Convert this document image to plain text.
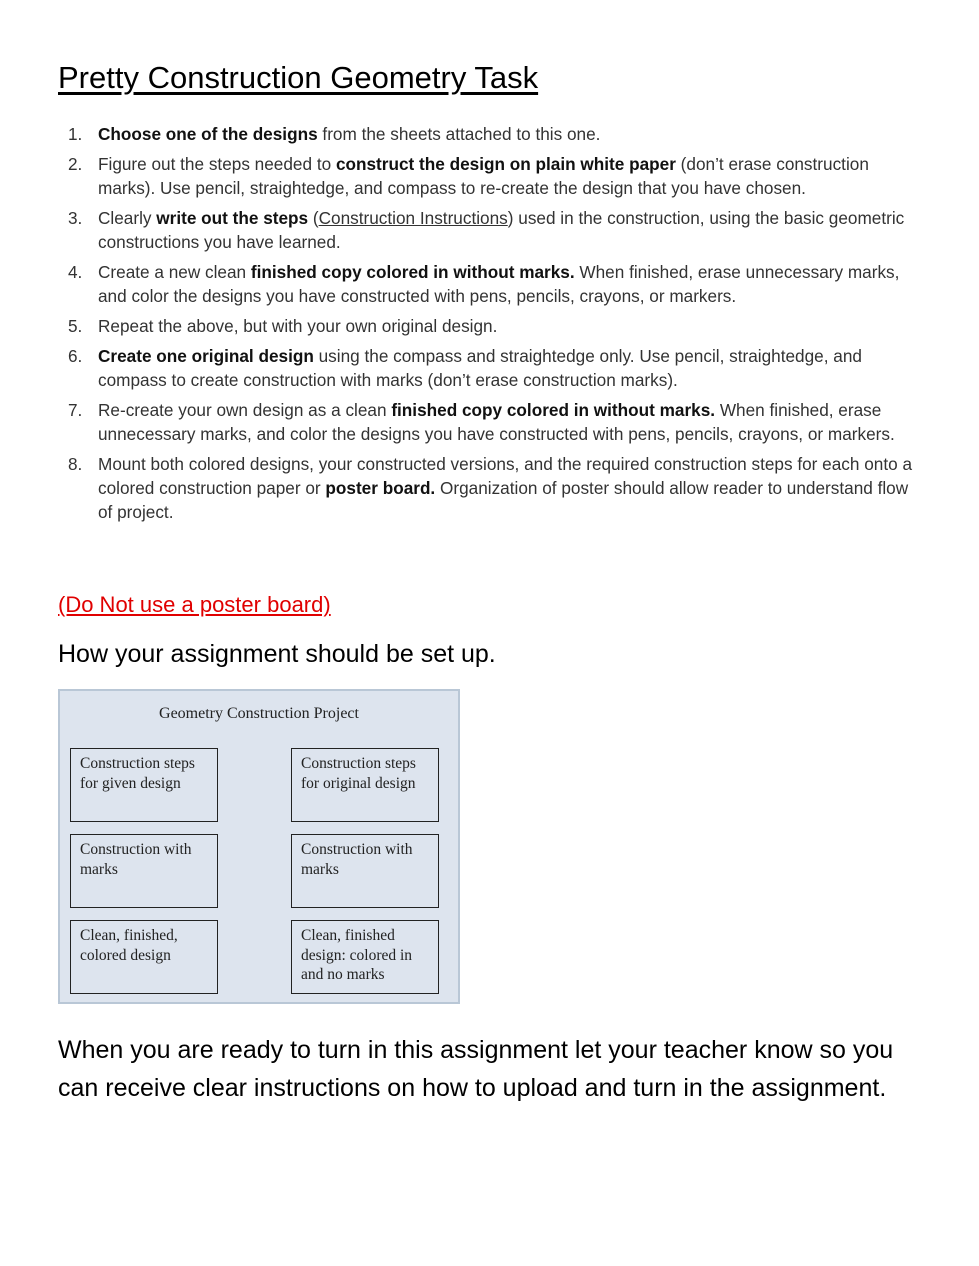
Pretty Construction Geometry Task
1. Choose one of the designs from the sheets attached to this one.
2. Figure out the steps needed to construct the design on plain white paper (don’t erase construction marks). Use pencil, straightedge, and compass to re-create the design that you have chosen.
3. Clearly write out the steps (Construction Instructions) used in the construction, using the basic geometric constructions you have learned.
4. Create a new clean finished copy colored in without marks. When finished, erase unnecessary marks, and color the designs you have constructed with pens, pencils, crayons, or markers.
5. Repeat the above, but with your own original design.
6. Create one original design using the compass and straightedge only. Use pencil, straightedge, and compass to create construction with marks (don’t erase construction marks).
7. Re-create your own design as a clean finished copy colored in without marks. When finished, erase unnecessary marks, and color the designs you have constructed with pens, pencils, crayons, or markers.
8. Mount both colored designs, your constructed versions, and the required construction steps for each onto a colored construction paper or poster board. Organization of poster should allow reader to understand flow of project.
(Do Not use a poster board)
How your assignment should be set up.
Geometry Construction Project
Construction steps for given design
Construction with marks
Clean, finished, colored design
Construction steps for original design
Construction with marks
Clean, finished design: colored in and no marks
When you are ready to turn in this assignment let your teacher know so you can receive clear instructions on how to upload and turn in the assignment.
